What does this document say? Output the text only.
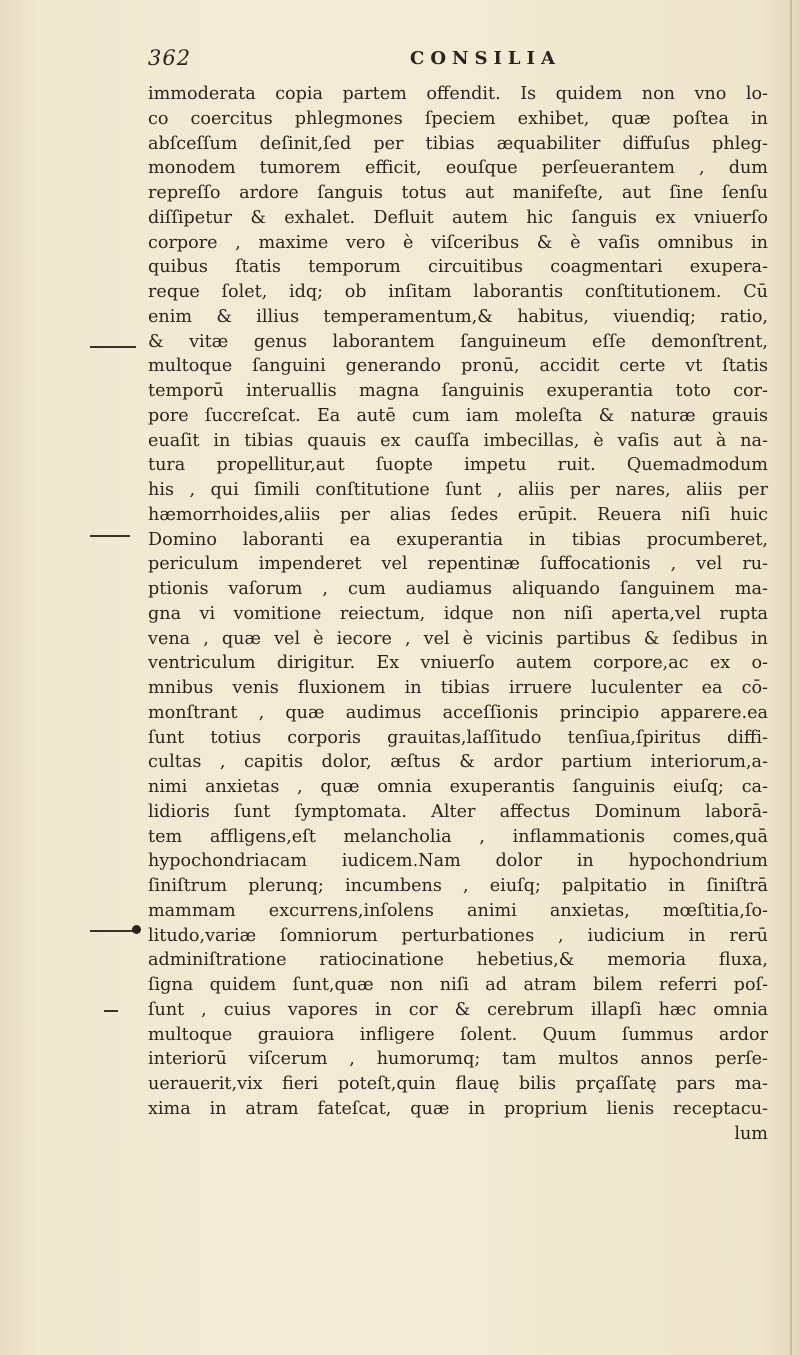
362	CONSILIA
immoderata copia partem offendit. Is quidem non vno lo-
co coercitus phlegmones ſpeciem exhibet, quæ poſtea in
abſceſſum deſinit,ſed per tibias æquabiliter diffuſus phleg-
monodem tumorem efficit, eouſque perſeuerantem , dum
repreſſo ardore ſanguis totus aut manifeſte, aut ſine ſenſu
diſſipetur & exhalet. Defluit autem hic ſanguis ex vniuerſo
corpore , maxime vero è viſceribus & è vaſis omnibus in
quibus ſtatis temporum circuitibus coagmentari exupera-
reque ſolet, idq; ob inſitam laborantis conſtitutionem. Cū
enim & illius temperamentum,& habitus, viuendiq; ratio,
& vitæ genus laborantem ſanguineum eſſe demonſtrent,
multoque ſanguini generando pronū, accidit certe vt ſtatis
temporū interuallis magna ſanguinis exuperantia toto cor-
pore ſuccreſcat. Ea autē cum iam moleſta & naturæ grauis
euaſit in tibias quauis ex cauſſa imbecillas, è vaſis aut à na-
tura propellitur,aut ſuopte impetu ruit. Quemadmodum
his , qui ſimili conſtitutione ſunt , aliis per nares, aliis per
hæmorrhoides,aliis per alias ſedes erūpit. Reuera niſi huic
Domino laboranti ea exuperantia in tibias procumberet,
periculum impenderet vel repentinæ ſuffocationis , vel ru-
ptionis vaſorum , cum audiamus aliquando ſanguinem ma-
gna vi vomitione reiectum, idque non niſi aperta,vel rupta
vena , quæ vel è iecore , vel è vicinis partibus & ſedibus in
ventriculum dirigitur. Ex vniuerſo autem corpore,ac ex o-
mnibus venis fluxionem in tibias irruere luculenter ea cō-
monſtrant , quæ audimus acceſſionis principio apparere.ea
ſunt totius corporis grauitas,laſſitudo tenſiua,ſpiritus diffi-
cultas , capitis dolor, æſtus & ardor partium interiorum,a-
nimi anxietas , quæ omnia exuperantis ſanguinis eiuſq; ca-
lidioris ſunt ſymptomata. Alter affectus Dominum laborā-
tem affligens,eſt melancholia , inflammationis comes,quā
hypochondriacam iudicem.Nam dolor in hypochondrium
ſiniſtrum plerunq; incumbens , eiuſq; palpitatio in ſiniſtrā
mammam excurrens,inſolens animi anxietas, mœſtitia,ſo-
litudo,variæ ſomniorum perturbationes , iudicium in rerū
adminiſtratione ratiocinatione hebetius,& memoria fluxa,
ſigna quidem ſunt,quæ non niſi ad atram bilem referri poſ-
ſunt , cuius vapores in cor & cerebrum illapſi hæc omnia
multoque grauiora infligere ſolent. Quum ſummus ardor
interiorū viſcerum , humorumq; tam multos annos perſe-
uerauerit,vix fieri poteſt,quin flauę bilis prçaſſatę pars ma-
xima in atram fateſcat, quæ in proprium lienis receptacu-
lum
